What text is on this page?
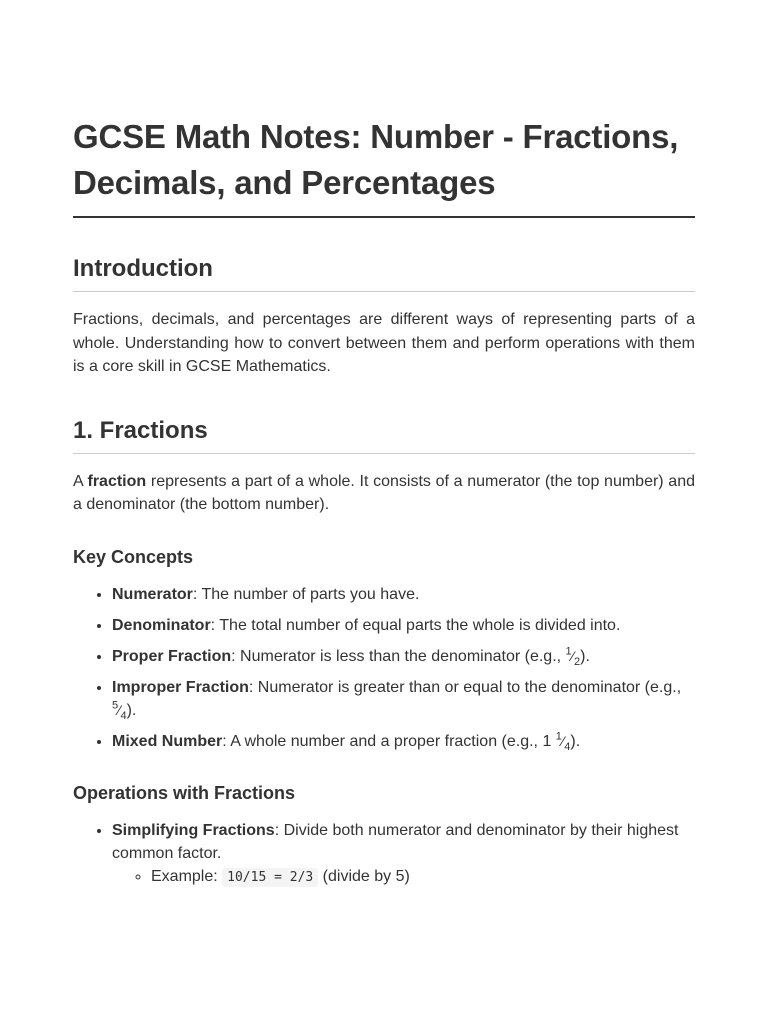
GCSE Math Notes: Number - Fractions, Decimals, and Percentages
Introduction

Fractions, decimals, and percentages are different ways of representing parts of a whole. Understanding how to convert between them and perform operations with them is a core skill in GCSE Mathematics.

1. Fractions

A fraction represents a part of a whole. It consists of a numerator (the top number) and a denominator (the bottom number).

Key Concepts
• Numerator: The number of parts you have.
• Denominator: The total number of equal parts the whole is divided into.
• Proper Fraction: Numerator is less than the denominator (e.g., $^1⁄_2$).
• Improper Fraction: Numerator is greater than or equal to the denominator (e.g., $^5⁄_4$).
• Mixed Number: A whole number and a proper fraction (e.g., 1 $^1⁄_4$).
Operations with Fractions
• Simplifying Fractions: Divide both numerator and denominator by their highest common factor.
◦ Example: 10/15 = 2/3 (divide by 5)
